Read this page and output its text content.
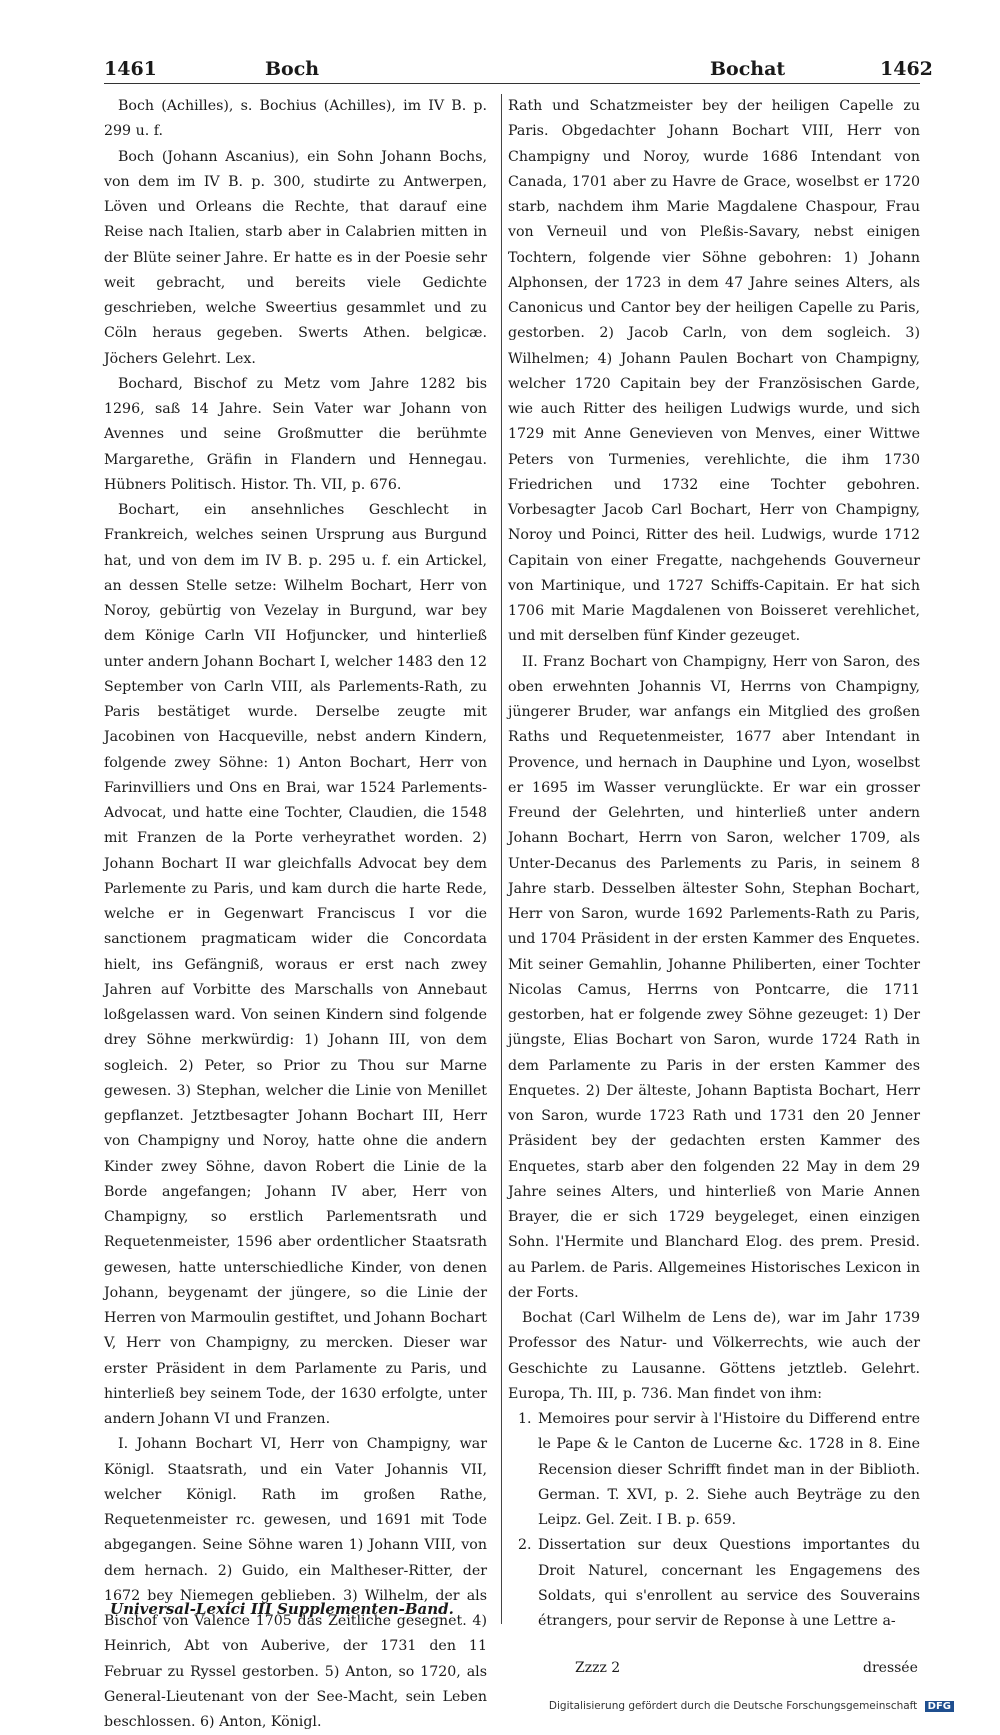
1461	Boch	Bochat	1462

Boch (Achilles), s. Bochius (Achilles), im IV B. p. 299 u. f.

Boch (Johann Ascanius), ein Sohn Johann Bochs, von dem im IV B. p. 300, studirte zu Antwerpen, Löven und Orleans die Rechte, that darauf eine Reise nach Italien, starb aber in Calabrien mitten in der Blüte seiner Jahre. Er hatte es in der Poesie sehr weit gebracht, und bereits viele Gedichte geschrieben, welche Sweertius gesammlet und zu Cöln heraus gegeben. Swerts Athen. belgicæ. Jöchers Gelehrt. Lex.

Bochard, Bischof zu Metz vom Jahre 1282 bis 1296, saß 14 Jahre. Sein Vater war Johann von Avennes und seine Großmutter die berühmte Margarethe, Gräfin in Flandern und Hennegau. Hübners Politisch. Histor. Th. VII, p. 676.

Bochart, ein ansehnliches Geschlecht in Frankreich, welches seinen Ursprung aus Burgund hat, und von dem im IV B. p. 295 u. f. ein Artickel, an dessen Stelle setze: Wilhelm Bochart, Herr von Noroy, gebürtig von Vezelay in Burgund, war bey dem Könige Carln VII Hofjuncker, und hinterließ unter andern Johann Bochart I, welcher 1483 den 12 September von Carln VIII, als Parlements-Rath, zu Paris bestätiget wurde. Derselbe zeugte mit Jacobinen von Hacqueville, nebst andern Kindern, folgende zwey Söhne: 1) Anton Bochart, Herr von Farinvilliers und Ons en Brai, war 1524 Parlements-Advocat, und hatte eine Tochter, Claudien, die 1548 mit Franzen de la Porte verheyrathet worden. 2) Johann Bochart II war gleichfalls Advocat bey dem Parlemente zu Paris, und kam durch die harte Rede, welche er in Gegenwart Franciscus I vor die sanctionem pragmaticam wider die Concordata hielt, ins Gefängniß, woraus er erst nach zwey Jahren auf Vorbitte des Marschalls von Annebaut loßgelassen ward. Von seinen Kindern sind folgende drey Söhne merkwürdig: 1) Johann III, von dem sogleich. 2) Peter, so Prior zu Thou sur Marne gewesen. 3) Stephan, welcher die Linie von Menillet gepflanzet. Jetztbesagter Johann Bochart III, Herr von Champigny und Noroy, hatte ohne die andern Kinder zwey Söhne, davon Robert die Linie de la Borde angefangen; Johann IV aber, Herr von Champigny, so erstlich Parlementsrath und Requetenmeister, 1596 aber ordentlicher Staatsrath gewesen, hatte unterschiedliche Kinder, von denen Johann, beygenamt der jüngere, so die Linie der Herren von Marmoulin gestiftet, und Johann Bochart V, Herr von Champigny, zu mercken. Dieser war erster Präsident in dem Parlamente zu Paris, und hinterließ bey seinem Tode, der 1630 erfolgte, unter andern Johann VI und Franzen.

I. Johann Bochart VI, Herr von Champigny, war Königl. Staatsrath, und ein Vater Johannis VII, welcher Königl. Rath im großen Rathe, Requetenmeister rc. gewesen, und 1691 mit Tode abgegangen. Seine Söhne waren 1) Johann VIII, von dem hernach. 2) Guido, ein Maltheser-Ritter, der 1672 bey Niemegen geblieben. 3) Wilhelm, der als Bischof von Valence 1705 das Zeitliche gesegnet. 4) Heinrich, Abt von Auberive, der 1731 den 11 Februar zu Ryssel gestorben. 5) Anton, so 1720, als General-Lieutenant von der See-Macht, sein Leben beschlossen. 6) Anton, Königl.

Rath und Schatzmeister bey der heiligen Capelle zu Paris. Obgedachter Johann Bochart VIII, Herr von Champigny und Noroy, wurde 1686 Intendant von Canada, 1701 aber zu Havre de Grace, woselbst er 1720 starb, nachdem ihm Marie Magdalene Chaspour, Frau von Verneuil und von Pleßis-Savary, nebst einigen Tochtern, folgende vier Söhne gebohren: 1) Johann Alphonsen, der 1723 in dem 47 Jahre seines Alters, als Canonicus und Cantor bey der heiligen Capelle zu Paris, gestorben. 2) Jacob Carln, von dem sogleich. 3) Wilhelmen; 4) Johann Paulen Bochart von Champigny, welcher 1720 Capitain bey der Französischen Garde, wie auch Ritter des heiligen Ludwigs wurde, und sich 1729 mit Anne Genevieven von Menves, einer Wittwe Peters von Turmenies, verehlichte, die ihm 1730 Friedrichen und 1732 eine Tochter gebohren. Vorbesagter Jacob Carl Bochart, Herr von Champigny, Noroy und Poinci, Ritter des heil. Ludwigs, wurde 1712 Capitain von einer Fregatte, nachgehends Gouverneur von Martinique, und 1727 Schiffs-Capitain. Er hat sich 1706 mit Marie Magdalenen von Boisseret verehlichet, und mit derselben fünf Kinder gezeuget.

II. Franz Bochart von Champigny, Herr von Saron, des oben erwehnten Johannis VI, Herrns von Champigny, jüngerer Bruder, war anfangs ein Mitglied des großen Raths und Requetenmeister, 1677 aber Intendant in Provence, und hernach in Dauphine und Lyon, woselbst er 1695 im Wasser verunglückte. Er war ein grosser Freund der Gelehrten, und hinterließ unter andern Johann Bochart, Herrn von Saron, welcher 1709, als Unter-Decanus des Parlements zu Paris, in seinem 8 Jahre starb. Desselben ältester Sohn, Stephan Bochart, Herr von Saron, wurde 1692 Parlements-Rath zu Paris, und 1704 Präsident in der ersten Kammer des Enquetes. Mit seiner Gemahlin, Johanne Philiberten, einer Tochter Nicolas Camus, Herrns von Pontcarre, die 1711 gestorben, hat er folgende zwey Söhne gezeuget: 1) Der jüngste, Elias Bochart von Saron, wurde 1724 Rath in dem Parlamente zu Paris in der ersten Kammer des Enquetes. 2) Der älteste, Johann Baptista Bochart, Herr von Saron, wurde 1723 Rath und 1731 den 20 Jenner Präsident bey der gedachten ersten Kammer des Enquetes, starb aber den folgenden 22 May in dem 29 Jahre seines Alters, und hinterließ von Marie Annen Brayer, die er sich 1729 beygeleget, einen einzigen Sohn. l'Hermite und Blanchard Elog. des prem. Presid. au Parlem. de Paris. Allgemeines Historisches Lexicon in der Forts.

Bochat (Carl Wilhelm de Lens de), war im Jahr 1739 Professor des Natur- und Völkerrechts, wie auch der Geschichte zu Lausanne. Göttens jetztleb. Gelehrt. Europa, Th. III, p. 736. Man findet von ihm:

1. Memoires pour servir à l'Histoire du Differend entre le Pape & le Canton de Lucerne &c. 1728 in 8. Eine Recension dieser Schrifft findet man in der Biblioth. German. T. XVI, p. 2. Siehe auch Beyträge zu den Leipz. Gel. Zeit. I B. p. 659.
2. Dissertation sur deux Questions importantes du Droit Naturel, concernant les Engagemens des Soldats, qui s'enrollent au service des Souverains étrangers, pour servir de Reponse à une Lettre a-
Universal-Lexici III Supplementen-Band.
Zzzz 2	dressée
Digitalisierung gefördert durch die Deutsche Forschungsgemeinschaft DFG
